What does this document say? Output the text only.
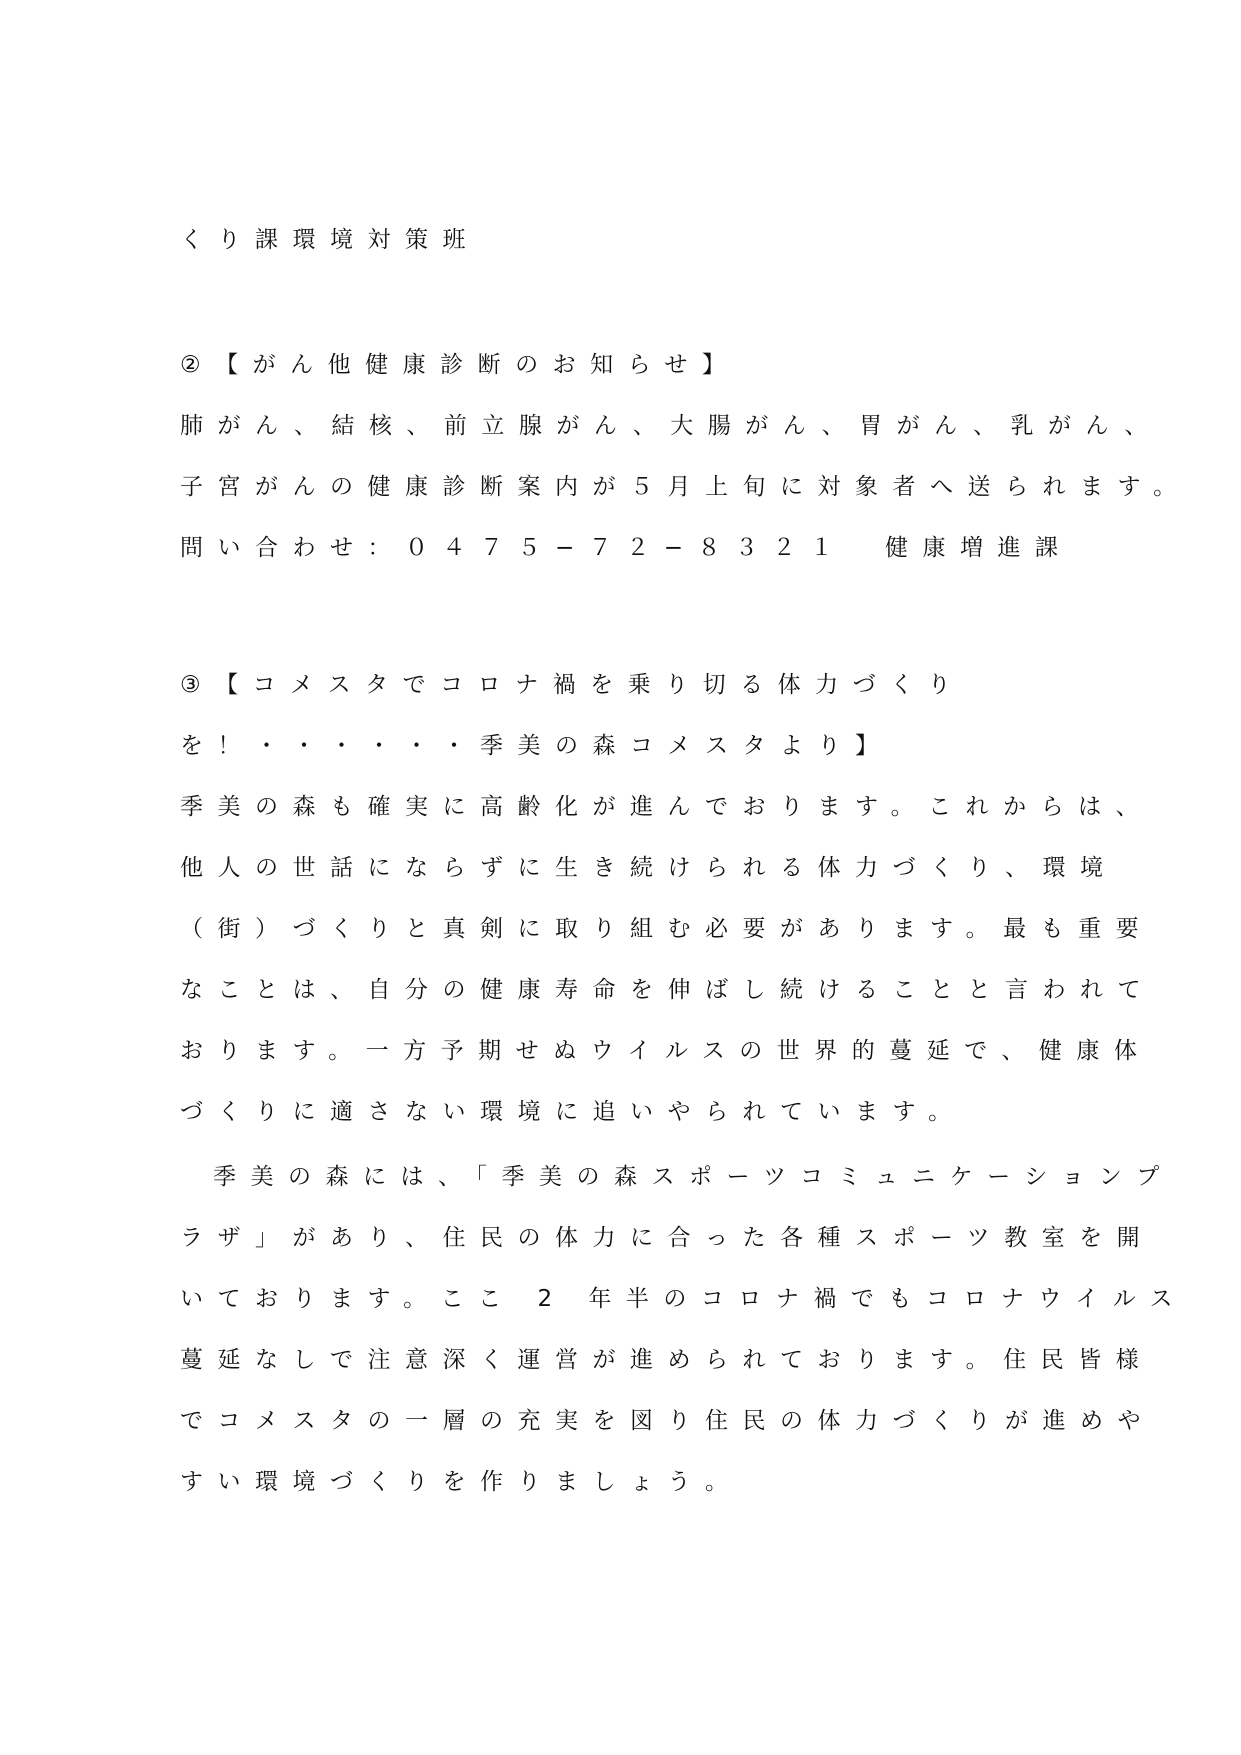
くり課環境対策班
②【がん他健康診断のお知らせ】
肺がん、結核、前立腺がん、大腸がん、胃がん、乳がん、
子宮がんの健康診断案内が５月上旬に対象者へ送られます。
問い合わせ：０４７５−７２−８３２１　健康増進課
③【コメスタでコロナ禍を乗り切る体力づくり
を！・・・・・・季美の森コメスタより】
季美の森も確実に高齢化が進んでおります。これからは、
他人の世話にならずに生き続けられる体力づくり、環境
（街）づくりと真剣に取り組む必要があります。最も重要
なことは、自分の健康寿命を伸ばし続けることと言われて
おります。一方予期せぬウイルスの世界的蔓延で、健康体
づくりに適さない環境に追いやられています。
季美の森には、「季美の森スポーツコミュニケーションプ
ラザ」があり、住民の体力に合った各種スポーツ教室を開
いております。ここ 2 年半のコロナ禍でもコロナウイルス
蔓延なしで注意深く運営が進められております。住民皆様
でコメスタの一層の充実を図り住民の体力づくりが進めや
すい環境づくりを作りましょう。
